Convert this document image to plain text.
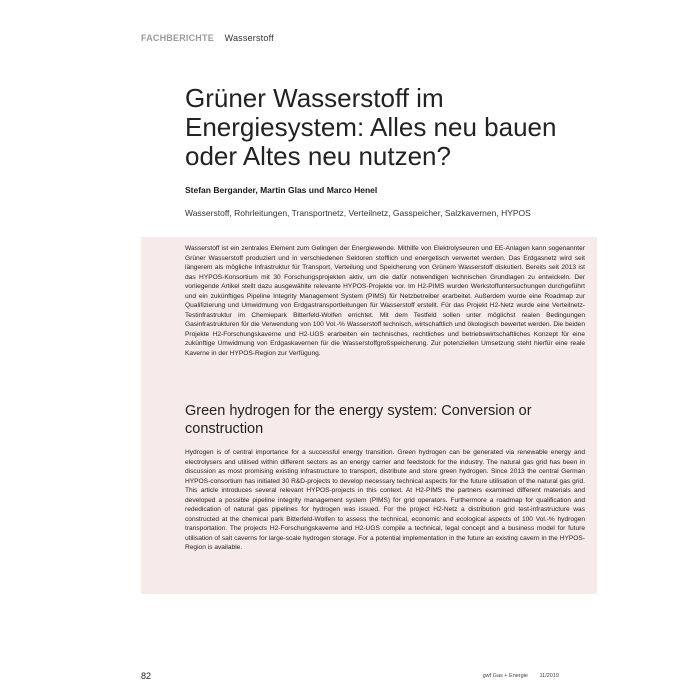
FACHBERICHTE Wasserstoff
Grüner Wasserstoff im Energiesystem: Alles neu bauen oder Altes neu nutzen?
Stefan Bergander, Martin Glas und Marco Henel
Wasserstoff, Rohrleitungen, Transportnetz, Verteilnetz, Gasspeicher, Salzkavernen, HYPOS

Wasserstoff ist ein zentrales Element zum Gelingen der Energiewende. Mithilfe von Elektrolyseuren und EE-Anlagen kann sogenannter Grüner Wasserstoff produziert und in verschiedenen Sektoren stofflich und energetisch verwertet werden. Das Erdgasnetz wird seit längerem als mögliche Infrastruktur für Transport, Verteilung und Speicherung von Grünem Wasserstoff diskutiert. Bereits seit 2013 ist das HYPOS-Konsortium mit 30 Forschungsprojekten aktiv, um die dafür notwendigen technischen Grundlagen zu entwickeln. Der vorliegende Artikel stellt dazu ausgewählte relevante HYPOS-Projekte vor. Im H2-PIMS wurden Werkstoffuntersuchungen durchgeführt und ein zukünftiges Pipeline Integrity Management System (PIMS) für Netzbetreiber erarbeitet. Außerdem wurde eine Roadmap zur Qualifizierung und Umwidmung von Erdgastransportleitungen für Wasserstoff erstellt. Für das Projekt H2-Netz wurde eine Verteilnetz-Testinfrastruktur im Chemiepark Bitterfeld-Wolfen errichtet. Mit dem Testfeld sollen unter möglichst realen Bedingungen Gasinfrastrukturen für die Verwendung von 100 Vol.-% Wasserstoff technisch, wirtschaftlich und ökologisch bewertet werden. Die beiden Projekte H2-Forschungskaverne und H2-UGS erarbeiten ein technisches, rechtliches und betriebswirtschaftliches Konzept für eine zukünftige Umwidmung von Erdgaskavernen für die Wasserstoffgroßspeicherung. Zur potenziellen Umsetzung steht hierfür eine reale Kaverne in der HYPOS-Region zur Verfügung.

Green hydrogen for the energy system: Conversion or construction

Hydrogen is of central importance for a successful energy transition. Green hydrogen can be generated via renewable energy and electrolysers and utilised within different sectors as an energy carrier and feedstock for the industry. The natural gas grid has been in discussion as most promising existing infrastructure to transport, distribute and store green hydrogen. Since 2013 the central German HYPOS-consortium has initiated 30 R&D-projects to develop necessary technical aspects for the future utilisation of the natural gas grid. This article introduces several relevant HYPOS-projects in this context. At H2-PIMS the partners examined different materials and developed a possible pipeline integrity management system (PIMS) for grid operators. Furthermore a roadmap for qualification and rededication of natural gas pipelines for hydrogen was issued. For the project H2-Netz a distribution grid test-infrastructure was constructed at the chemical park Bitterfeld-Wolfen to assess the technical, economic and ecological aspects of 100 Vol.-% hydrogen transportation. The projects H2-Forschungskaverne and H2-UGS compile a technical, legal concept and a business model for future utilisation of salt caverns for large-scale hydrogen storage. For a potential implementation in the future an existing cavern in the HYPOS-Region is available.

82	gwf Gas + Energie 11/2019
